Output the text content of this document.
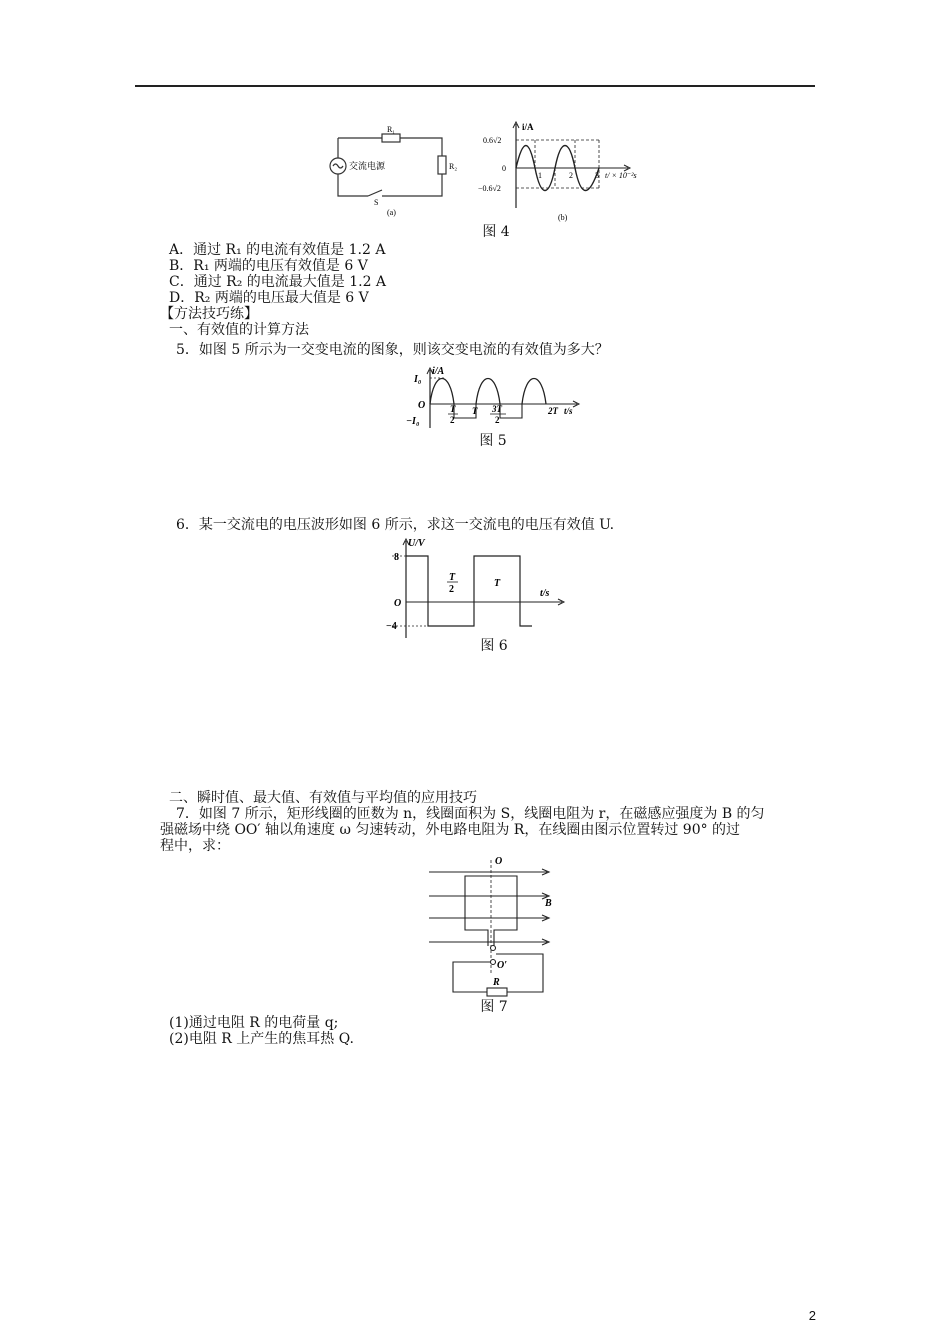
R₁
R₂
交流电源
S
(a)
i/A
0.6√2
0
−0.6√2
1	2	3 t/ × 10⁻²s
(b)
图 4
A．通过 R₁ 的电流有效值是 1.2 A
B．R₁ 两端的电压有效值是 6 V
C．通过 R₂ 的电流最大值是 1.2 A
D．R₂ 两端的电压最大值是 6 V
【方法技巧练】
一、有效值的计算方法
5．如图 5 所示为一交变电流的图象，则该交变电流的有效值为多大？
i/A
I₀
O
−I₀
T
2
T 3T
2
2T t/s
图 5
6．某一交流电的电压波形如图 6 所示，求这一交流电的电压有效值 U.
U/V
8
O
−4
T
2
T
t/s
图 6
二、瞬时值、最大值、有效值与平均值的应用技巧
7．如图 7 所示，矩形线圈的匝数为 n，线圈面积为 S，线圈电阻为 r，在磁感应强度为 B 的匀
强磁场中绕 OO′ 轴以角速度 ω 匀速转动，外电路电阻为 R，在线圈由图示位置转过 90° 的过
程中，求：
O
B
O′
R
图 7
(1)通过电阻 R 的电荷量 q;
(2)电阻 R 上产生的焦耳热 Q.
2
